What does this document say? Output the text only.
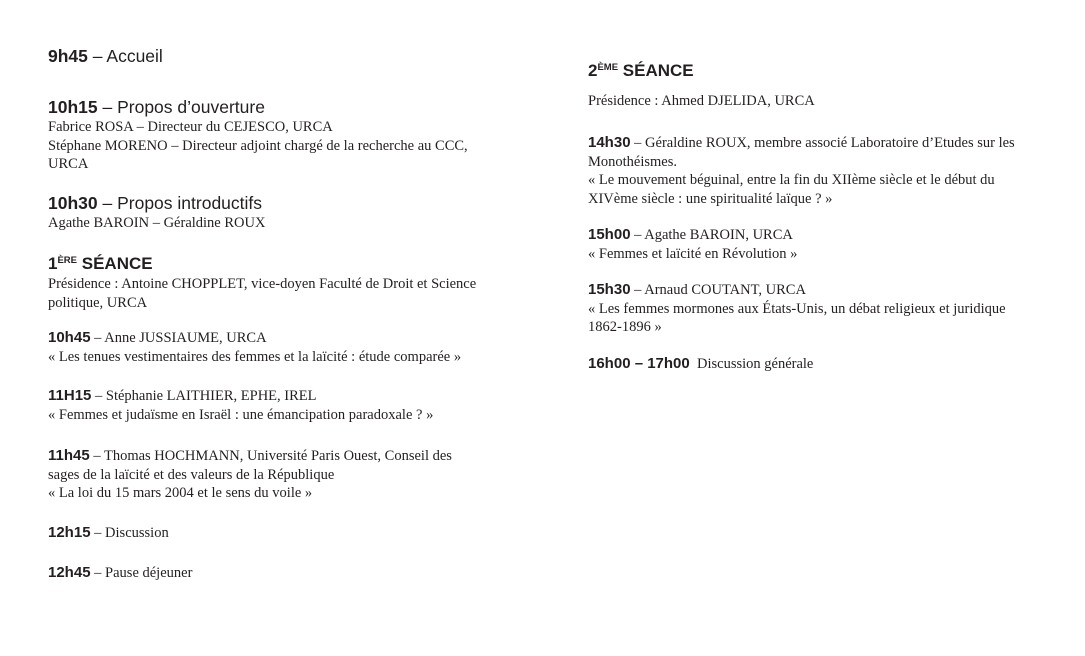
9h45 – Accueil
10h15 – Propos d’ouverture
Fabrice ROSA – Directeur du CEJESCO, URCA
Stéphane MORENO – Directeur adjoint chargé de la recherche au CCC,
URCA
10h30 – Propos introductifs
Agathe BAROIN – Géraldine ROUX
1ÈRE SÉANCE
Présidence : Antoine CHOPPLET, vice-doyen Faculté de Droit et Science
politique, URCA
10h45 – Anne JUSSIAUME, URCA
« Les tenues vestimentaires des femmes et la laïcité : étude comparée »
11H15 – Stéphanie LAITHIER, EPHE, IREL
« Femmes et judaïsme en Israël : une émancipation paradoxale ? »
11h45 – Thomas HOCHMANN, Université Paris Ouest, Conseil des
sages de la laïcité et des valeurs de la République
« La loi du 15 mars 2004 et le sens du voile »
12h15 – Discussion
12h45 – Pause déjeuner
2ÈME SÉANCE
Présidence : Ahmed DJELIDA, URCA
14h30 – Géraldine ROUX, membre associé Laboratoire d’Etudes sur les
Monothéismes.
« Le mouvement béguinal, entre la fin du XIIème siècle et le début du
XIVème siècle : une spiritualité laïque ? »
15h00 – Agathe BAROIN, URCA
« Femmes et laïcité en Révolution »
15h30 – Arnaud COUTANT, URCA
« Les femmes mormones aux États-Unis, un débat religieux et juridique
1862-1896 »
16h00 – 17h00  Discussion générale
